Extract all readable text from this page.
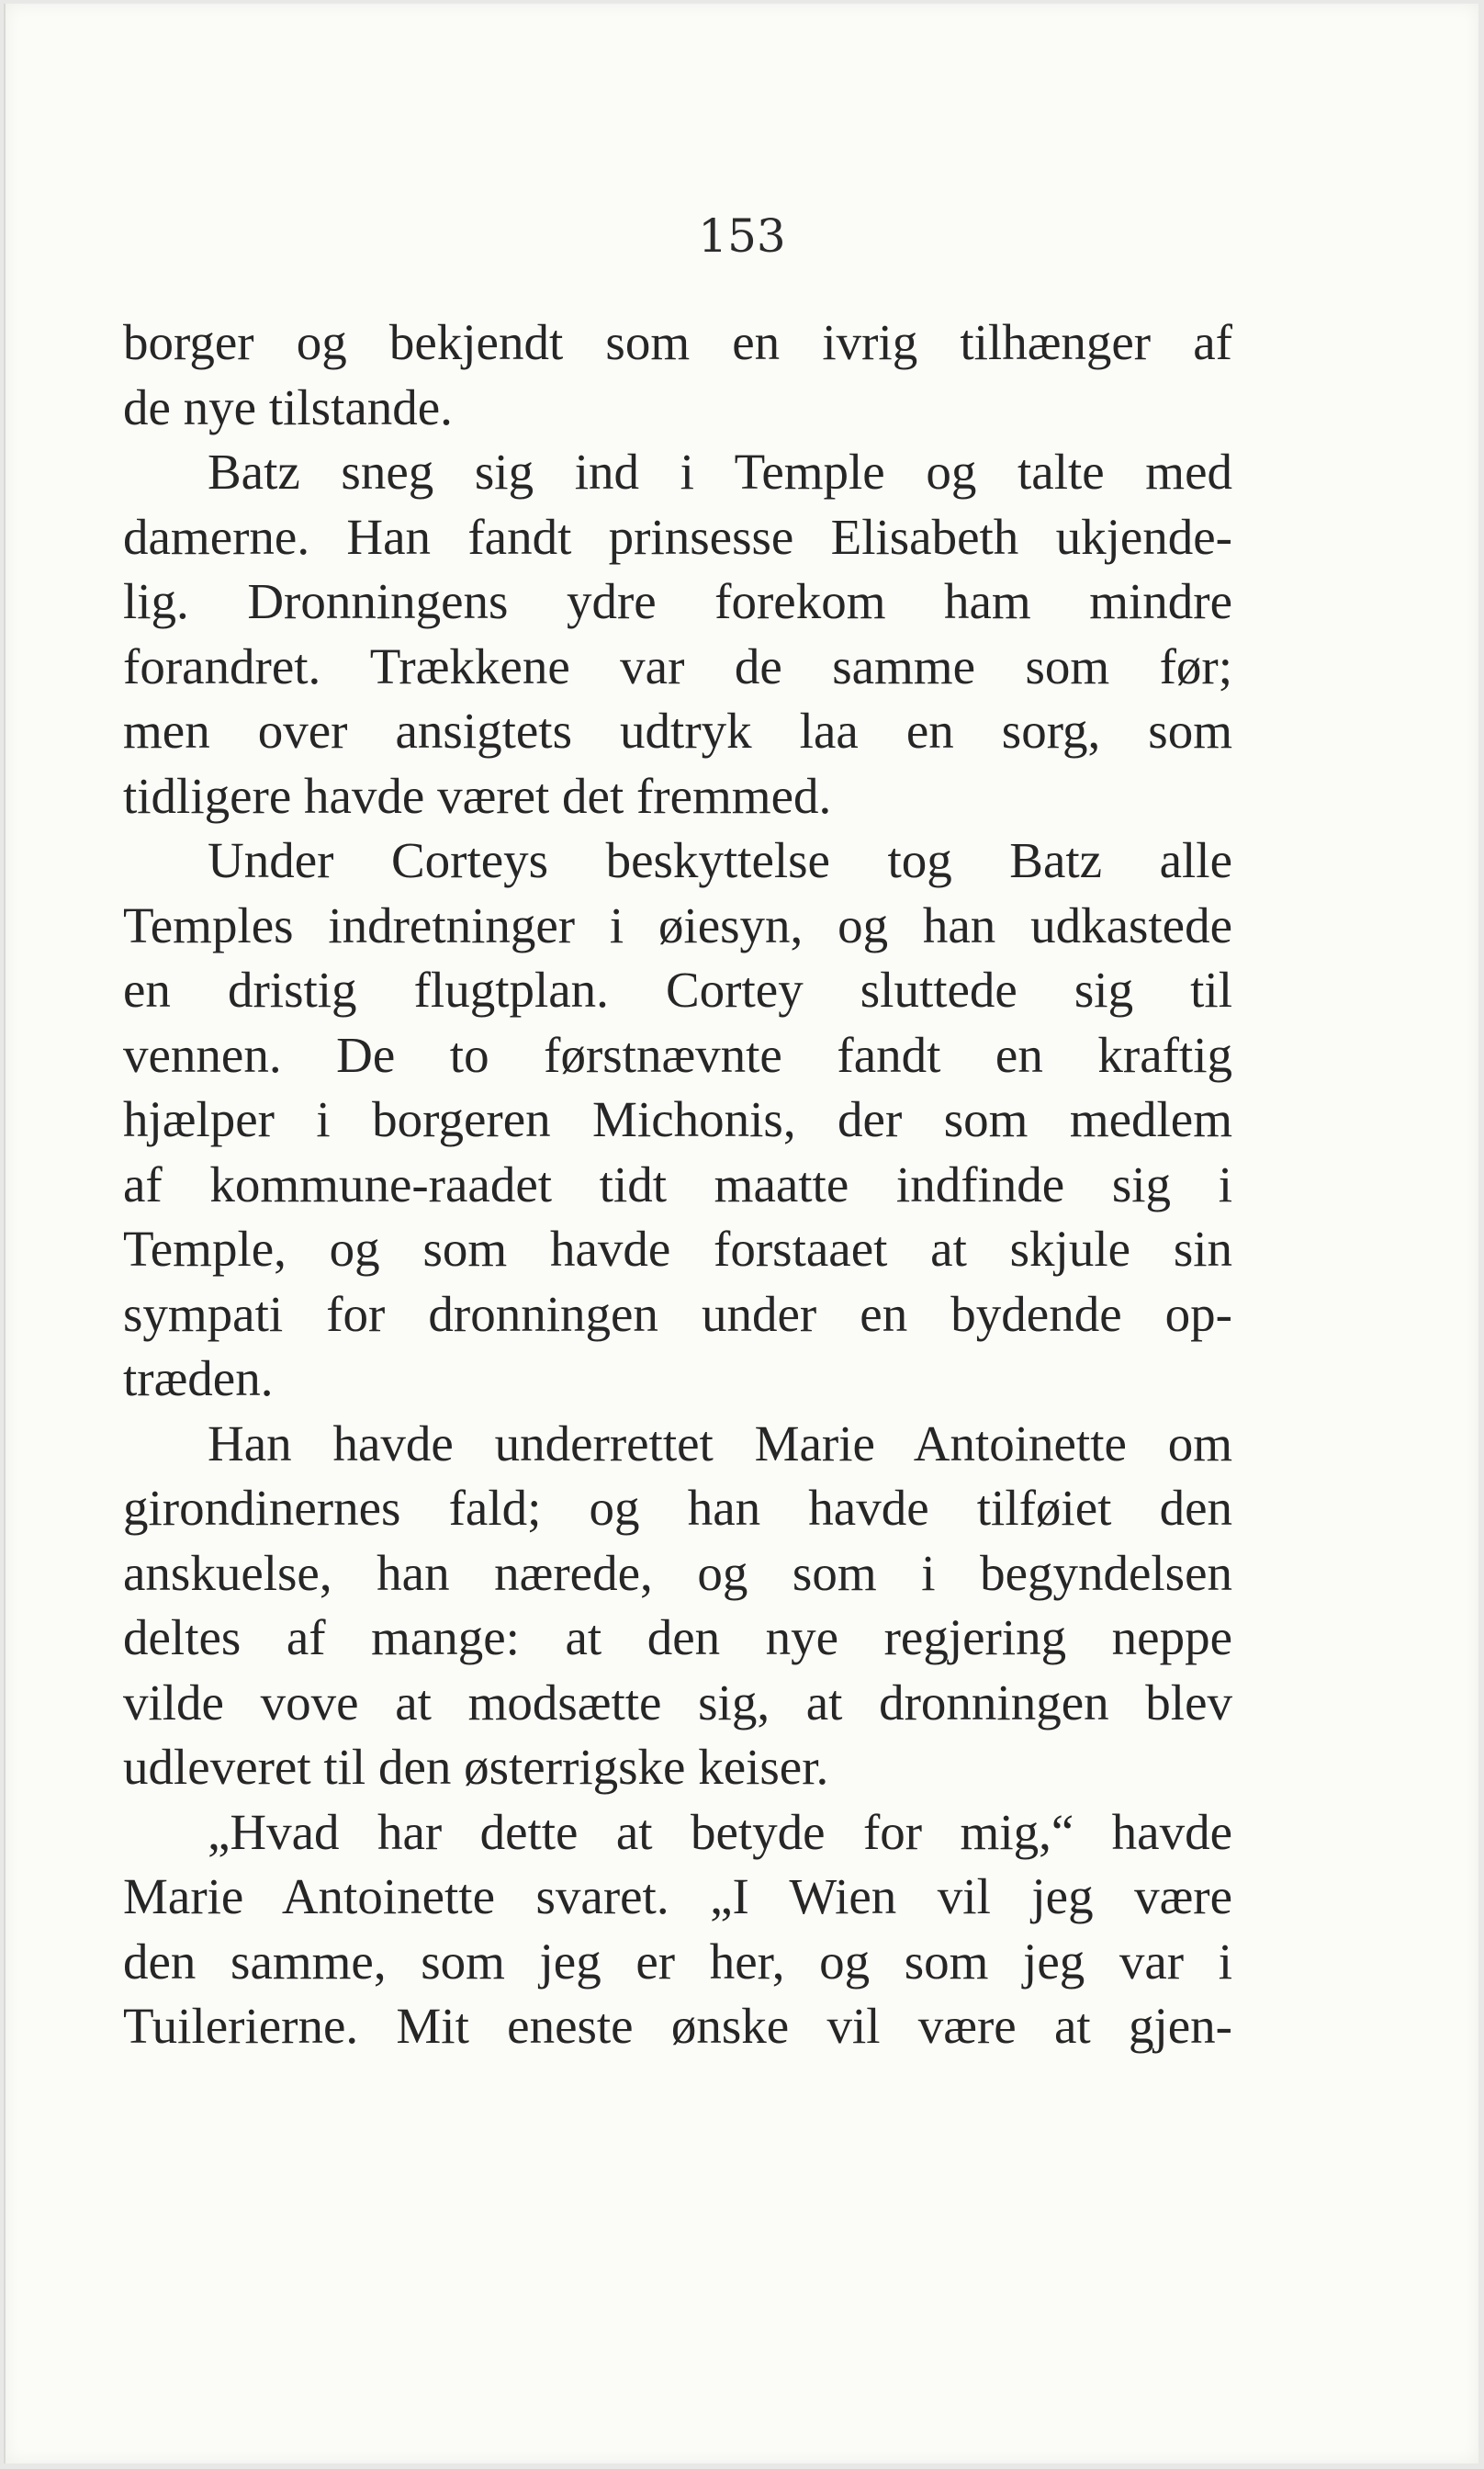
153
borger og bekjendt som en ivrig tilhænger af
de nye tilstande.
Batz sneg sig ind i Temple og talte med
damerne. Han fandt prinsesse Elisabeth ukjende-
lig. Dronningens ydre forekom ham mindre
forandret. Trækkene var de samme som før;
men over ansigtets udtryk laa en sorg, som
tidligere havde været det fremmed.
Under Corteys beskyttelse tog Batz alle
Temples indretninger i øiesyn, og han udkastede
en dristig flugtplan. Cortey sluttede sig til
vennen. De to førstnævnte fandt en kraftig
hjælper i borgeren Michonis, der som medlem
af kommune-raadet tidt maatte indfinde sig i
Temple, og som havde forstaaet at skjule sin
sympati for dronningen under en bydende op-
træden.
Han havde underrettet Marie Antoinette om
girondinernes fald; og han havde tilføiet den
anskuelse, han nærede, og som i begyndelsen
deltes af mange: at den nye regjering neppe
vilde vove at modsætte sig, at dronningen blev
udleveret til den østerrigske keiser.
„Hvad har dette at betyde for mig,“ havde
Marie Antoinette svaret. „I Wien vil jeg være
den samme, som jeg er her, og som jeg var i
Tuilerierne. Mit eneste ønske vil være at gjen-
